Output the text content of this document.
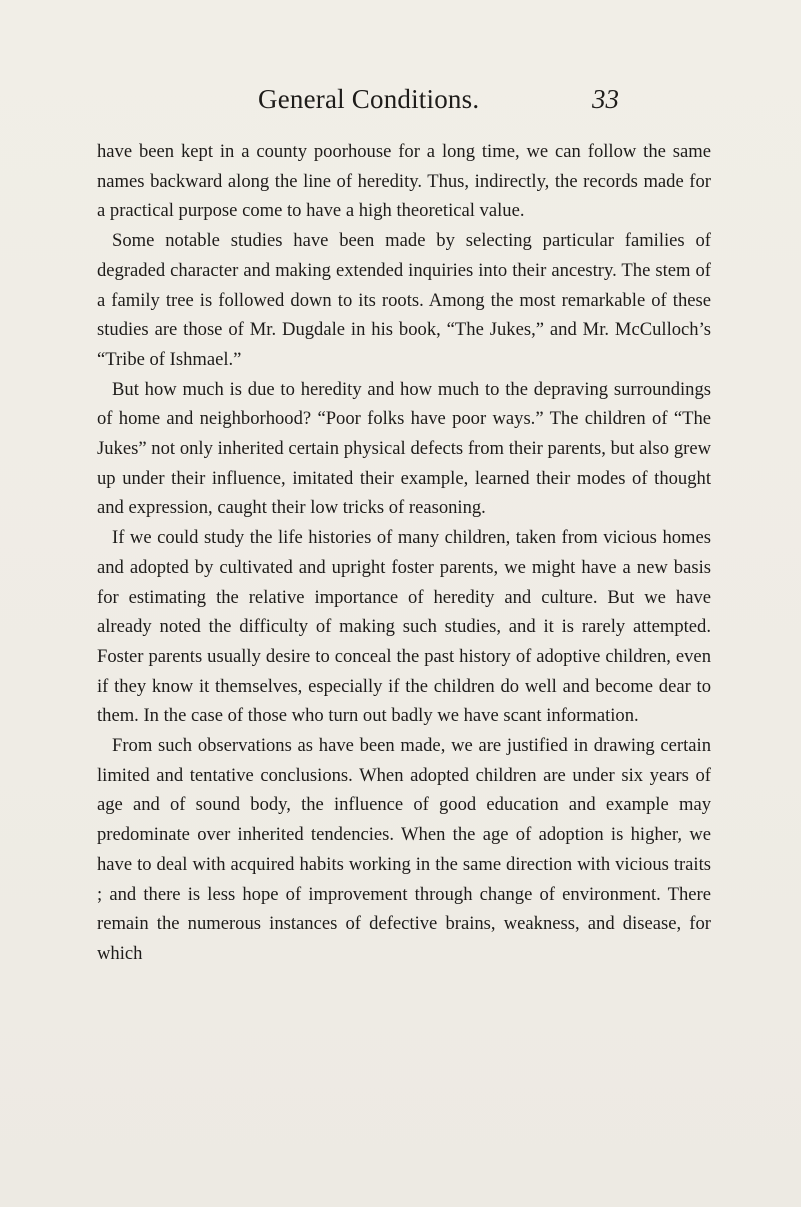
General Conditions.	33

have been kept in a county poorhouse for a long time, we can follow the same names backward along the line of heredity. Thus, indirectly, the records made for a practical purpose come to have a high theoretical value.

Some notable studies have been made by selecting particular families of degraded character and making extended inquiries into their ancestry. The stem of a family tree is followed down to its roots. Among the most remarkable of these studies are those of Mr. Dugdale in his book, “The Jukes,” and Mr. McCulloch’s “Tribe of Ishmael.”

But how much is due to heredity and how much to the depraving surroundings of home and neighborhood? “Poor folks have poor ways.” The children of “The Jukes” not only inherited certain physical defects from their parents, but also grew up under their influence, imitated their example, learned their modes of thought and expression, caught their low tricks of reasoning.

If we could study the life histories of many children, taken from vicious homes and adopted by cultivated and upright foster parents, we might have a new basis for estimating the relative importance of heredity and culture. But we have already noted the difficulty of making such studies, and it is rarely attempted. Foster parents usually desire to conceal the past history of adoptive children, even if they know it themselves, especially if the children do well and become dear to them. In the case of those who turn out badly we have scant information.

From such observations as have been made, we are justified in drawing certain limited and tentative conclusions. When adopted children are under six years of age and of sound body, the influence of good education and example may predominate over inherited tendencies. When the age of adoption is higher, we have to deal with acquired habits working in the same direction with vicious traits ; and there is less hope of improvement through change of environment. There remain the numerous instances of defective brains, weakness, and disease, for which
